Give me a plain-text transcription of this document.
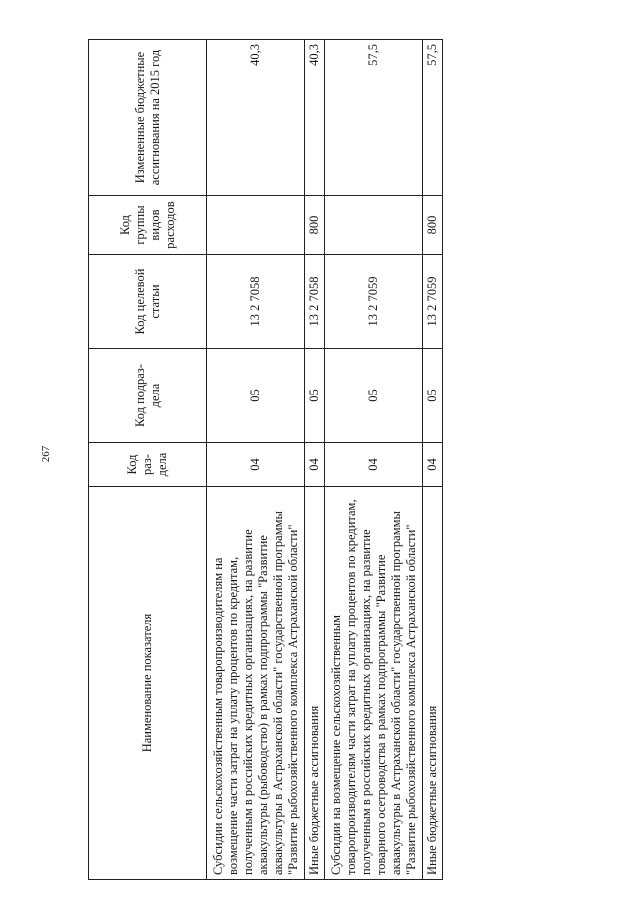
267
Наименование показателя	Код раз-дела	Код подраз-дела	Код целевой статьи	Код группы видов расходов	Измененные бюджетные ассигнования на 2015 год
Субсидии сельскохозяйственным товаропроизводителям на возмещение части затрат на уплату процентов по кредитам, полученным в российских кредитных организациях, на развитие аквакультуры (рыбоводство) в рамках подпрограммы "Развитие аквакультуры в Астраханской области" государственной программы "Развитие рыбохозяйственного комплекса Астраханской области"	04	05	13 2 7058		40,3
Иные бюджетные ассигнования	04	05	13 2 7058	800	40,3
Субсидии на возмещение сельскохозяйственным товаропроизводителям части затрат на уплату процентов по кредитам, полученным в российских кредитных организациях, на развитие товарного осетроводства в рамках подпрограммы "Развитие аквакультуры в Астраханской области" государственной программы "Развитие рыбохозяйственного комплекса Астраханской области"	04	05	13 2 7059		57,5
Иные бюджетные ассигнования	04	05	13 2 7059	800	57,5
